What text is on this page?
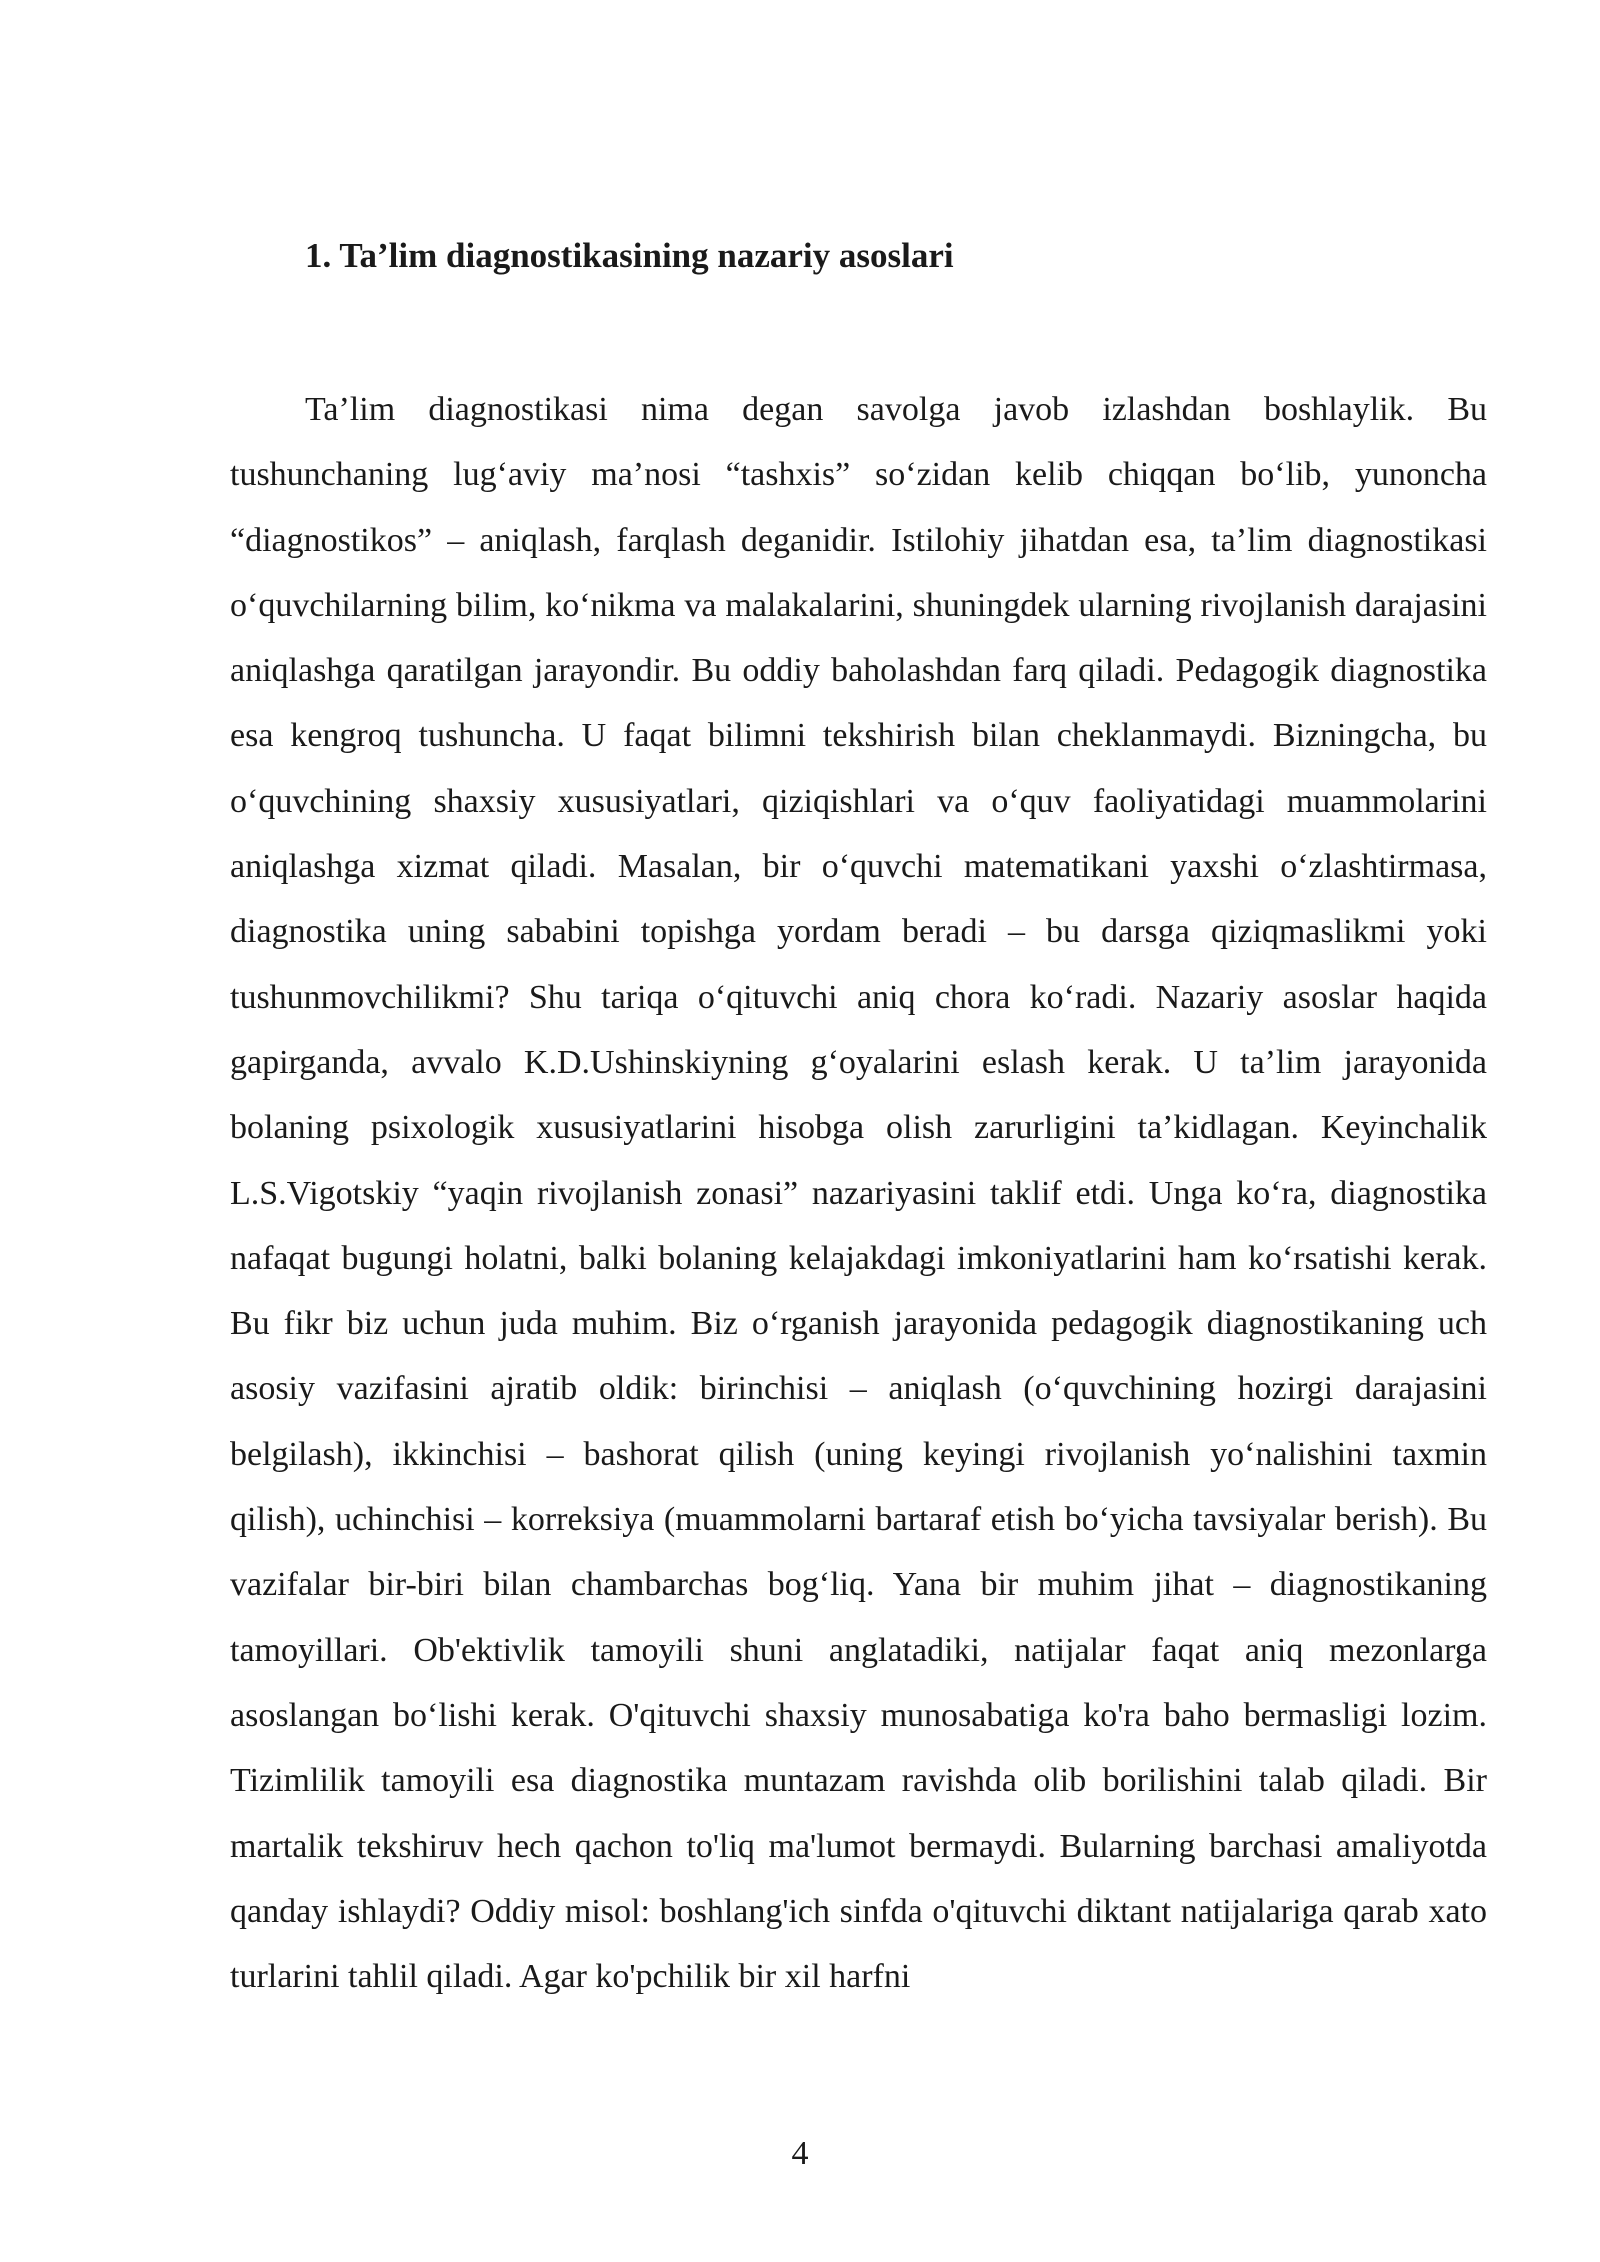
1. Ta’lim diagnostikasining nazariy asoslari

Ta’lim diagnostikasi nima degan savolga javob izlashdan boshlaylik. Bu tushunchaning lug‘aviy ma’nosi “tashxis” so‘zidan kelib chiqqan bo‘lib, yunoncha “diagnostikos” – aniqlash, farqlash deganidir. Istilohiy jihatdan esa, ta’lim diagnostikasi o‘quvchilarning bilim, ko‘nikma va malakalarini, shuningdek ularning rivojlanish darajasini aniqlashga qaratilgan jarayondir. Bu oddiy baholashdan farq qiladi. Pedagogik diagnostika esa kengroq tushuncha. U faqat bilimni tekshirish bilan cheklanmaydi. Bizningcha, bu o‘quvchining shaxsiy xususiyatlari, qiziqishlari va o‘quv faoliyatidagi muammolarini aniqlashga xizmat qiladi. Masalan, bir o‘quvchi matematikani yaxshi o‘zlashtirmasa, diagnostika uning sababini topishga yordam beradi – bu darsga qiziqmaslikmi yoki tushunmovchilikmi? Shu tariqa o‘qituvchi aniq chora ko‘radi. Nazariy asoslar haqida gapirganda, avvalo K.D.Ushinskiyning g‘oyalarini eslash kerak. U ta’lim jarayonida bolaning psixologik xususiyatlarini hisobga olish zarurligini ta’kidlagan. Keyinchalik L.S.Vigotskiy “yaqin rivojlanish zonasi” nazariyasini taklif etdi. Unga ko‘ra, diagnostika nafaqat bugungi holatni, balki bolaning kelajakdagi imkoniyatlarini ham ko‘rsatishi kerak. Bu fikr biz uchun juda muhim. Biz o‘rganish jarayonida pedagogik diagnostikaning uch asosiy vazifasini ajratib oldik: birinchisi – aniqlash (o‘quvchining hozirgi darajasini belgilash), ikkinchisi – bashorat qilish (uning keyingi rivojlanish yo‘nalishini taxmin qilish), uchinchisi – korreksiya (muammolarni bartaraf etish bo‘yicha tavsiyalar berish). Bu vazifalar bir-biri bilan chambarchas bog‘liq. Yana bir muhim jihat – diagnostikaning tamoyillari. Ob'ektivlik tamoyili shuni anglatadiki, natijalar faqat aniq mezonlarga asoslangan bo‘lishi kerak. O'qituvchi shaxsiy munosabatiga ko'ra baho bermasligi lozim. Tizimlilik tamoyili esa diagnostika muntazam ravishda olib borilishini talab qiladi. Bir martalik tekshiruv hech qachon to'liq ma'lumot bermaydi. Bularning barchasi amaliyotda qanday ishlaydi? Oddiy misol: boshlang'ich sinfda o'qituvchi diktant natijalariga qarab xato turlarini tahlil qiladi. Agar ko'pchilik bir xil harfni

4
